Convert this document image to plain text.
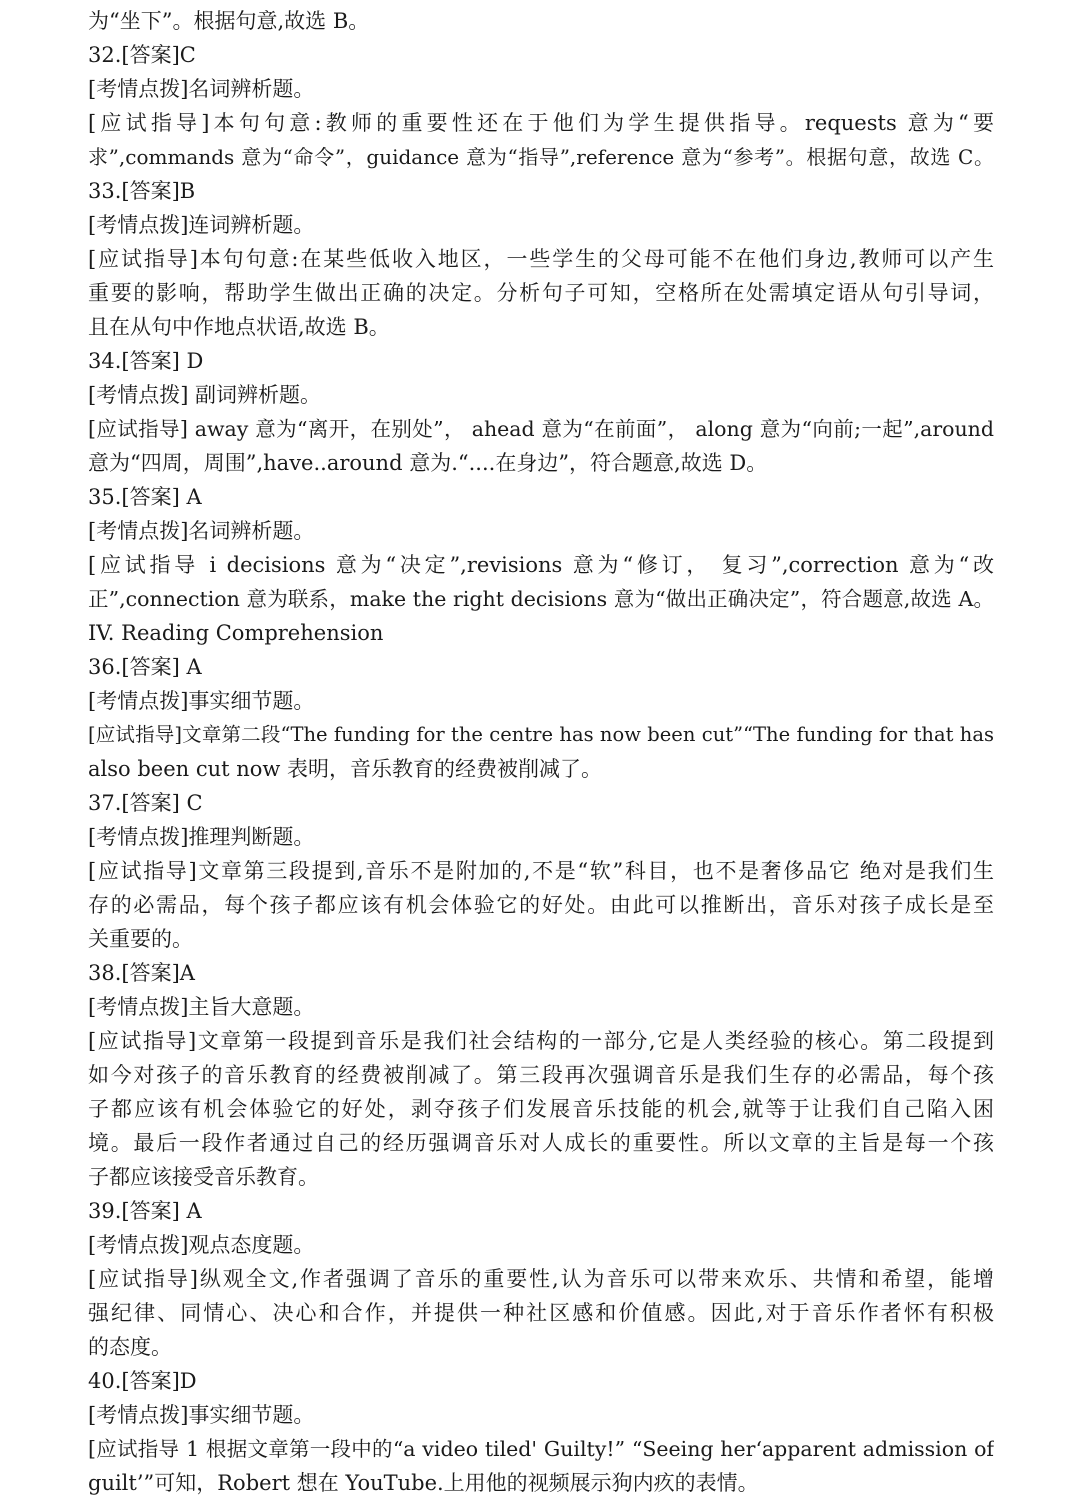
为“坐下”。根据句意,故选 B。
32.[答案]C
[考情点拨]名词辨析题。
[应试指导]本句句意:教师的重要性还在于他们为学生提供指导。requests 意为“要
求”,commands 意为“命令”，guidance 意为“指导”,reference 意为“参考”。根据句意，故选 C。
33.[答案]B
[考情点拨]连词辨析题。
[应试指导]本句句意:在某些低收入地区，一些学生的父母可能不在他们身边,教师可以产生
重要的影响，帮助学生做出正确的决定。分析句子可知，空格所在处需填定语从句引导词，
且在从句中作地点状语,故选 B。
34.[答案] D
[考情点拨] 副词辨析题。
[应试指导] away 意为“离开，在别处”， ahead 意为“在前面”， along 意为“向前;一起”,around
意为“四周，周围”,have..around 意为.“....在身边”，符合题意,故选 D。
35.[答案] A
[考情点拨]名词辨析题。
[应试指导 i decisions 意为“决定”,revisions 意为“修订， 复习”,correction 意为“改
正”,connection 意为联系，make the right decisions 意为“做出正确决定”，符合题意,故选 A。
IV. Reading Comprehension
36.[答案] A
[考情点拨]事实细节题。
[应试指导]文章第二段“The funding for the centre has now been cut”“The funding for that has
also been cut now 表明，音乐教育的经费被削减了。
37.[答案] C
[考情点拨]推理判断题。
[应试指导]文章第三段提到,音乐不是附加的,不是“软”科目，也不是奢侈品它 绝对是我们生
存的必需品，每个孩子都应该有机会体验它的好处。由此可以推断出，音乐对孩子成长是至
关重要的。
38.[答案]A
[考情点拨]主旨大意题。
[应试指导]文章第一段提到音乐是我们社会结构的一部分,它是人类经验的核心。第二段提到
如今对孩子的音乐教育的经费被削减了。第三段再次强调音乐是我们生存的必需品，每个孩
子都应该有机会体验它的好处，剥夺孩子们发展音乐技能的机会,就等于让我们自己陷入困
境。最后一段作者通过自己的经历强调音乐对人成长的重要性。所以文章的主旨是每一个孩
子都应该接受音乐教育。
39.[答案] A
[考情点拨]观点态度题。
[应试指导]纵观全文,作者强调了音乐的重要性,认为音乐可以带来欢乐、共情和希望，能增
强纪律、同情心、决心和合作，并提供一种社区感和价值感。因此,对于音乐作者怀有积极
的态度。
40.[答案]D
[考情点拨]事实细节题。
[应试指导 1 根据文章第一段中的“a video tiled' Guilty!” “Seeing her‘apparent admission of
guilt’”可知，Robert 想在 YouTube.上用他的视频展示狗内疚的表情。
